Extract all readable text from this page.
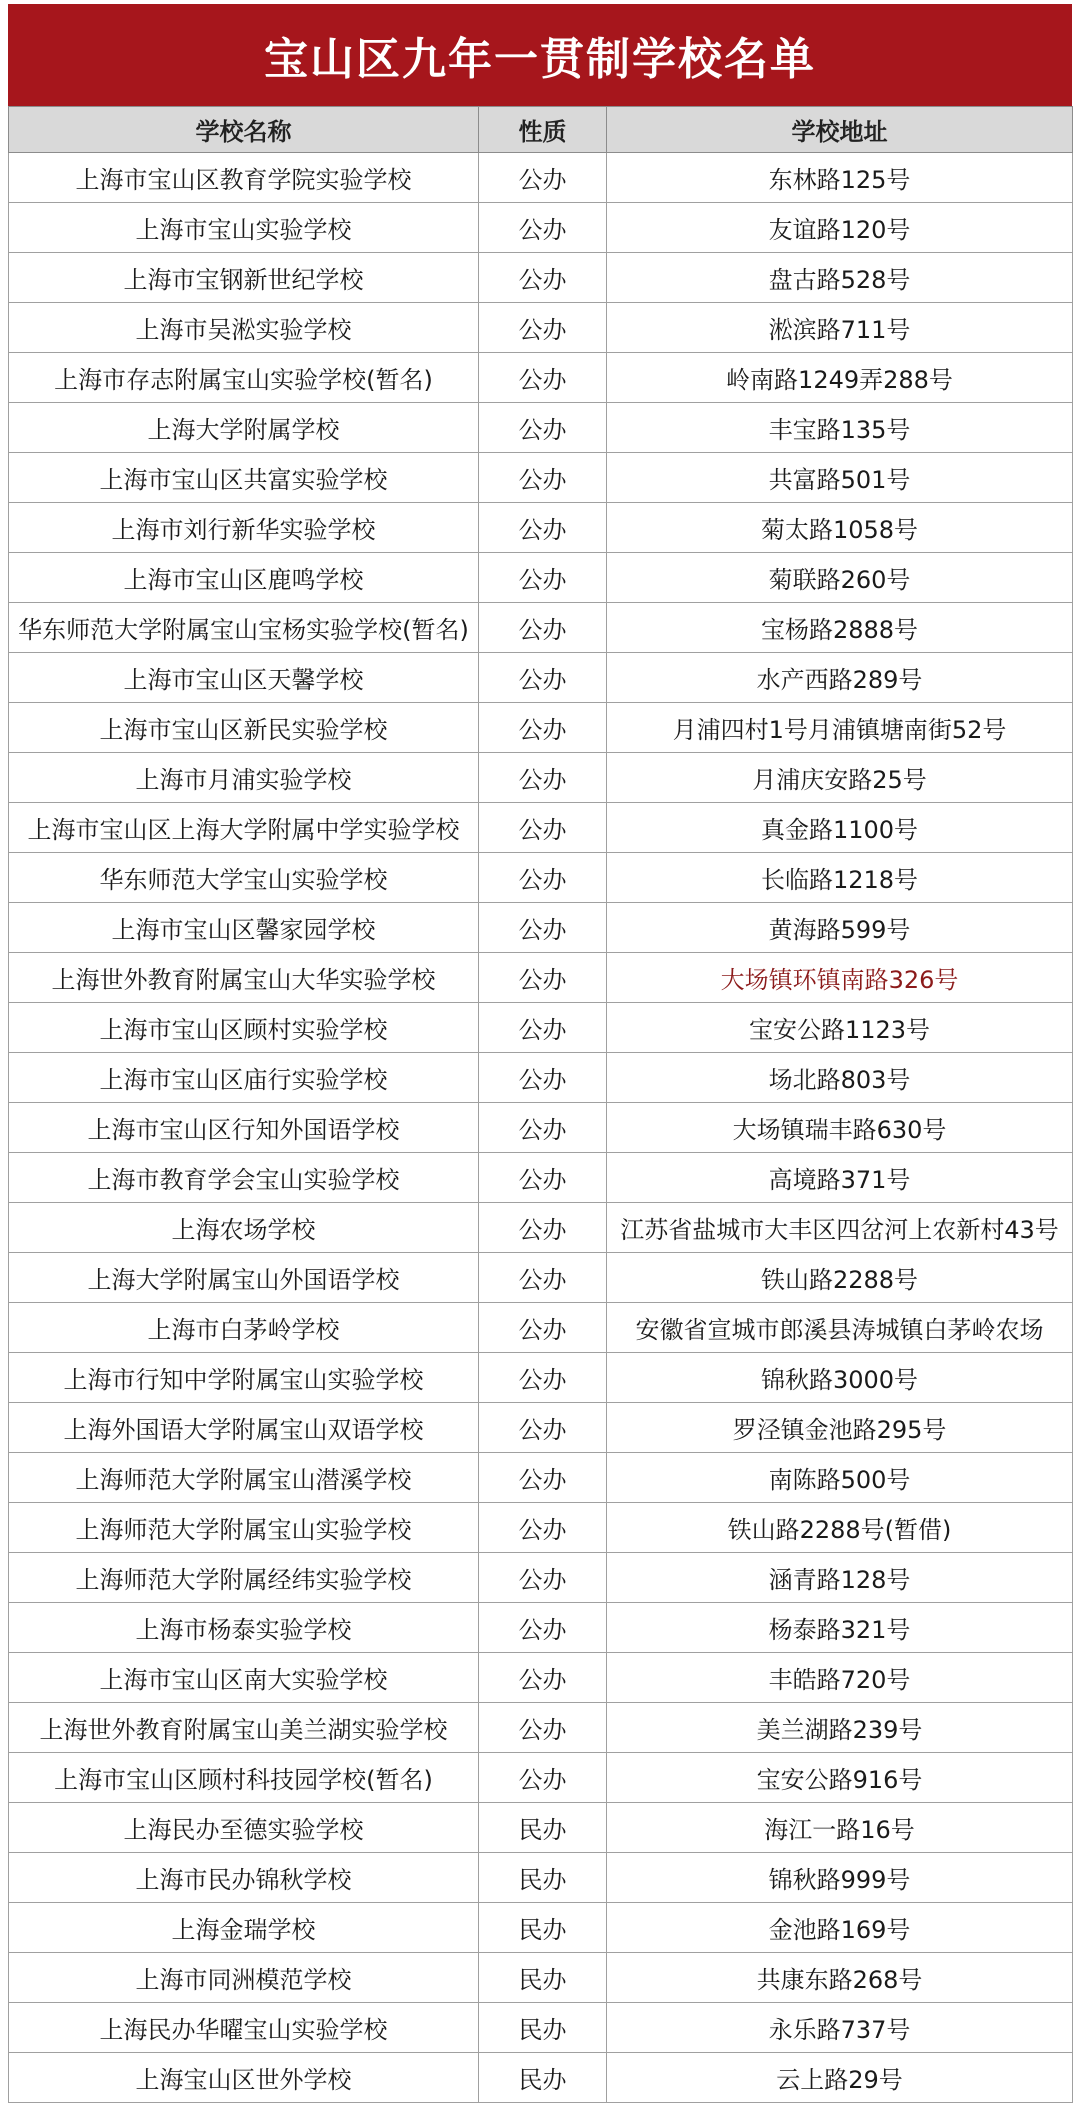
宝山区九年一贯制学校名单
学校名称	性质	学校地址
上海市宝山区教育学院实验学校	公办	东林路125号
上海市宝山实验学校	公办	友谊路120号
上海市宝钢新世纪学校	公办	盘古路528号
上海市吴淞实验学校	公办	淞滨路711号
上海市存志附属宝山实验学校(暂名)	公办	岭南路1249弄288号
上海大学附属学校	公办	丰宝路135号
上海市宝山区共富实验学校	公办	共富路501号
上海市刘行新华实验学校	公办	菊太路1058号
上海市宝山区鹿鸣学校	公办	菊联路260号
华东师范大学附属宝山宝杨实验学校(暂名)	公办	宝杨路2888号
上海市宝山区天馨学校	公办	水产西路289号
上海市宝山区新民实验学校	公办	月浦四村1号月浦镇塘南街52号
上海市月浦实验学校	公办	月浦庆安路25号
上海市宝山区上海大学附属中学实验学校	公办	真金路1100号
华东师范大学宝山实验学校	公办	长临路1218号
上海市宝山区馨家园学校	公办	黄海路599号
上海世外教育附属宝山大华实验学校	公办	大场镇环镇南路326号
上海市宝山区顾村实验学校	公办	宝安公路1123号
上海市宝山区庙行实验学校	公办	场北路803号
上海市宝山区行知外国语学校	公办	大场镇瑞丰路630号
上海市教育学会宝山实验学校	公办	高境路371号
上海农场学校	公办	江苏省盐城市大丰区四岔河上农新村43号
上海大学附属宝山外国语学校	公办	铁山路2288号
上海市白茅岭学校	公办	安徽省宣城市郎溪县涛城镇白茅岭农场
上海市行知中学附属宝山实验学校	公办	锦秋路3000号
上海外国语大学附属宝山双语学校	公办	罗泾镇金池路295号
上海师范大学附属宝山潜溪学校	公办	南陈路500号
上海师范大学附属宝山实验学校	公办	铁山路2288号(暂借)
上海师范大学附属经纬实验学校	公办	涵青路128号
上海市杨泰实验学校	公办	杨泰路321号
上海市宝山区南大实验学校	公办	丰皓路720号
上海世外教育附属宝山美兰湖实验学校	公办	美兰湖路239号
上海市宝山区顾村科技园学校(暂名)	公办	宝安公路916号
上海民办至德实验学校	民办	海江一路16号
上海市民办锦秋学校	民办	锦秋路999号
上海金瑞学校	民办	金池路169号
上海市同洲模范学校	民办	共康东路268号
上海民办华曜宝山实验学校	民办	永乐路737号
上海宝山区世外学校	民办	云上路29号
